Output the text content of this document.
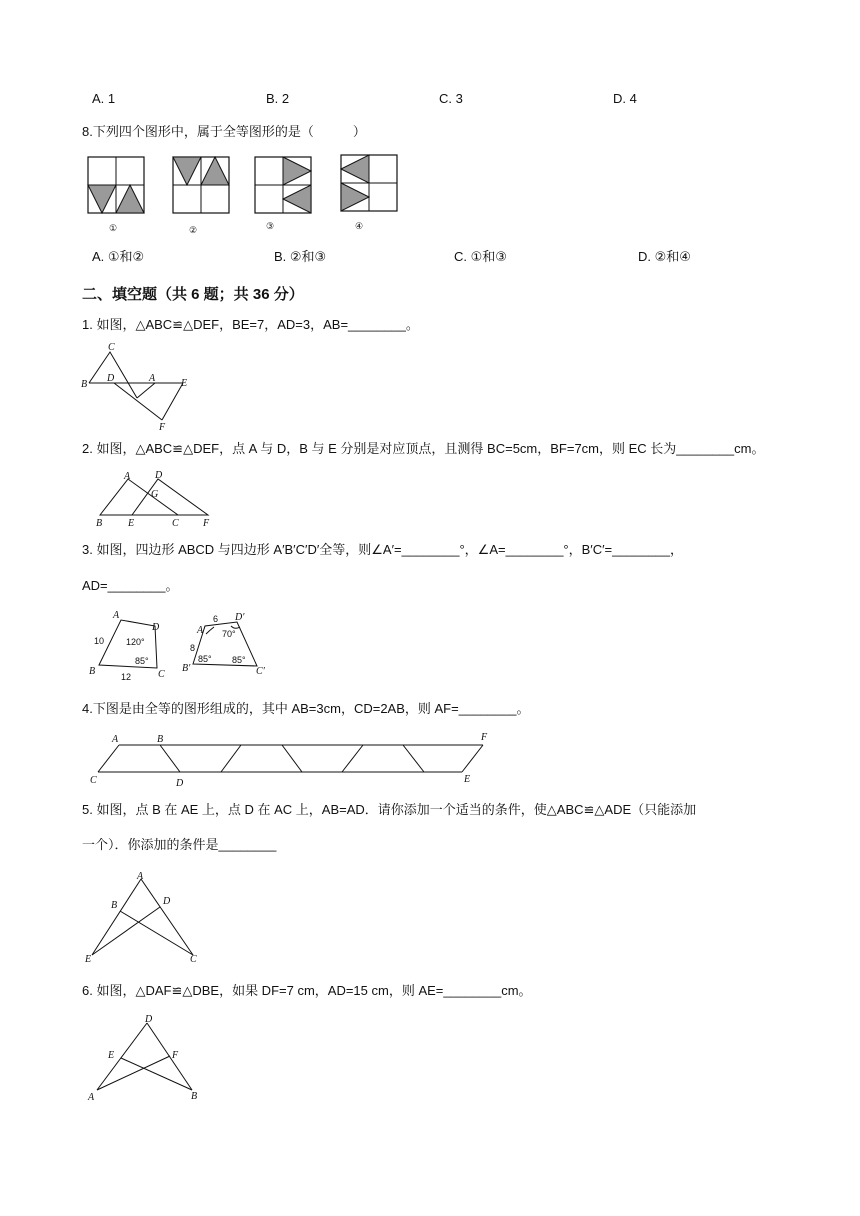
A. 1	B. 2	C. 3	D. 4
8.下列四个图形中，属于全等图形的是（　　　）
①	②	③	④
A. ①和②	B. ②和③	C. ①和③	D. ②和④
二、填空题（共 6 题；共 36 分）
1. 如图，△ABC≌△DEF，BE=7，AD=3，AB=________。
C
B
D	A	E
F
2. 如图，△ABC≌△DEF，点 A 与 D，B 与 E 分别是对应顶点，且测得 BC=5cm，BF=7cm，则 EC 长为________cm。
A D
G
B	E	C F
3. 如图，四边形 ABCD 与四边形 A′B′C′D′全等，则∠A′=________°，∠A=________°，B′C′=________，
AD=________。
A
D
B	C
10
12
120°
85°
A′
D′
B′	C′
6
8
70°
85° 85°
4.下图是由全等的图形组成的，其中 AB=3cm，CD=2AB，则 AF=________。
A	B	F
C	D	E
5. 如图，点 B 在 AE 上，点 D 在 AC 上，AB=AD．请你添加一个适当的条件，使△ABC≌△ADE（只能添加
一个）．你添加的条件是________
A
B	D
E	C
6. 如图，△DAF≌△DBE，如果 DF=7 cm，AD=15 cm，则 AE=________cm。
D
E	F
A	B
